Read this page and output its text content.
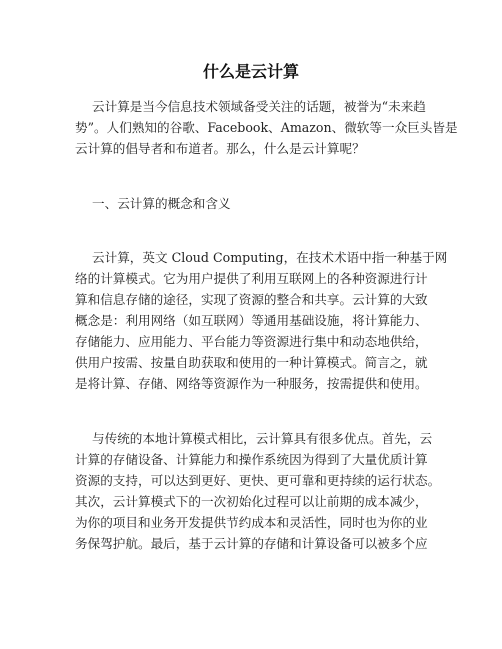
什么是云计算
云计算是当今信息技术领域备受关注的话题，被誉为“未来趋
势”。人们熟知的谷歌、Facebook、Amazon、微软等一众巨头皆是
云计算的倡导者和布道者。那么，什么是云计算呢？
一、云计算的概念和含义
云计算，英文 Cloud Computing，在技术术语中指一种基于网
络的计算模式。它为用户提供了利用互联网上的各种资源进行计
算和信息存储的途径，实现了资源的整合和共享。云计算的大致
概念是：利用网络（如互联网）等通用基础设施，将计算能力、
存储能力、应用能力、平台能力等资源进行集中和动态地供给，
供用户按需、按量自助获取和使用的一种计算模式。简言之，就
是将计算、存储、网络等资源作为一种服务，按需提供和使用。
与传统的本地计算模式相比，云计算具有很多优点。首先，云
计算的存储设备、计算能力和操作系统因为得到了大量优质计算
资源的支持，可以达到更好、更快、更可靠和更持续的运行状态。
其次，云计算模式下的一次初始化过程可以让前期的成本减少，
为你的项目和业务开发提供节约成本和灵活性，同时也为你的业
务保驾护航。最后，基于云计算的存储和计算设备可以被多个应
